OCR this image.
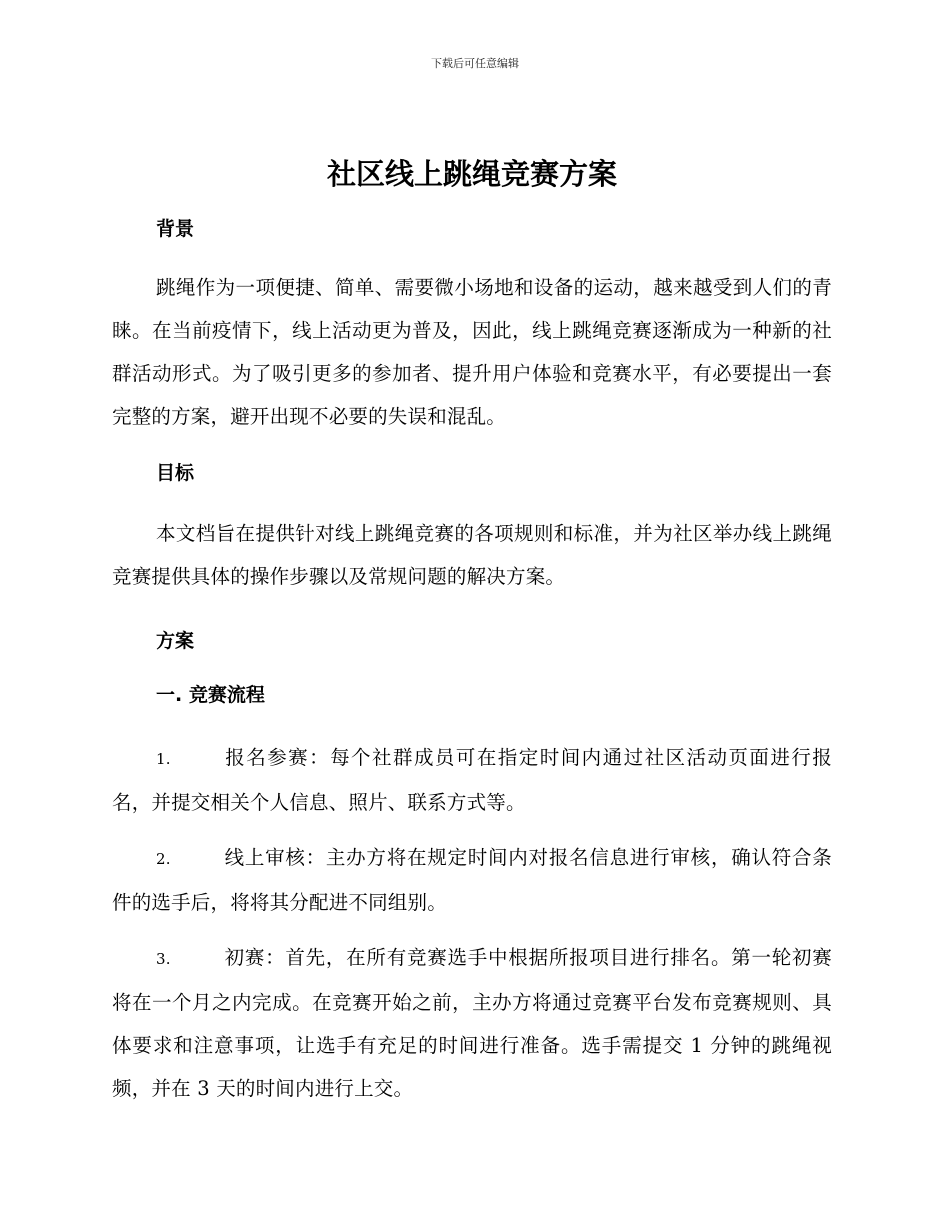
下载后可任意编辑
社区线上跳绳竞赛方案
背景

跳绳作为一项便捷、简单、需要微小场地和设备的运动，越来越受到人们的青睐。在当前疫情下，线上活动更为普及，因此，线上跳绳竞赛逐渐成为一种新的社群活动形式。为了吸引更多的参加者、提升用户体验和竞赛水平，有必要提出一套完整的方案，避开出现不必要的失误和混乱。

目标

本文档旨在提供针对线上跳绳竞赛的各项规则和标准，并为社区举办线上跳绳竞赛提供具体的操作步骤以及常规问题的解决方案。

方案
一. 竞赛流程

1.	报名参赛：每个社群成员可在指定时间内通过社区活动页面进行报名，并提交相关个人信息、照片、联系方式等。

2.	线上审核：主办方将在规定时间内对报名信息进行审核，确认符合条件的选手后，将将其分配进不同组别。

3.	初赛：首先，在所有竞赛选手中根据所报项目进行排名。第一轮初赛将在一个月之内完成。在竞赛开始之前，主办方将通过竞赛平台发布竞赛规则、具体要求和注意事项，让选手有充足的时间进行准备。选手需提交 1 分钟的跳绳视频，并在 3 天的时间内进行上交。
